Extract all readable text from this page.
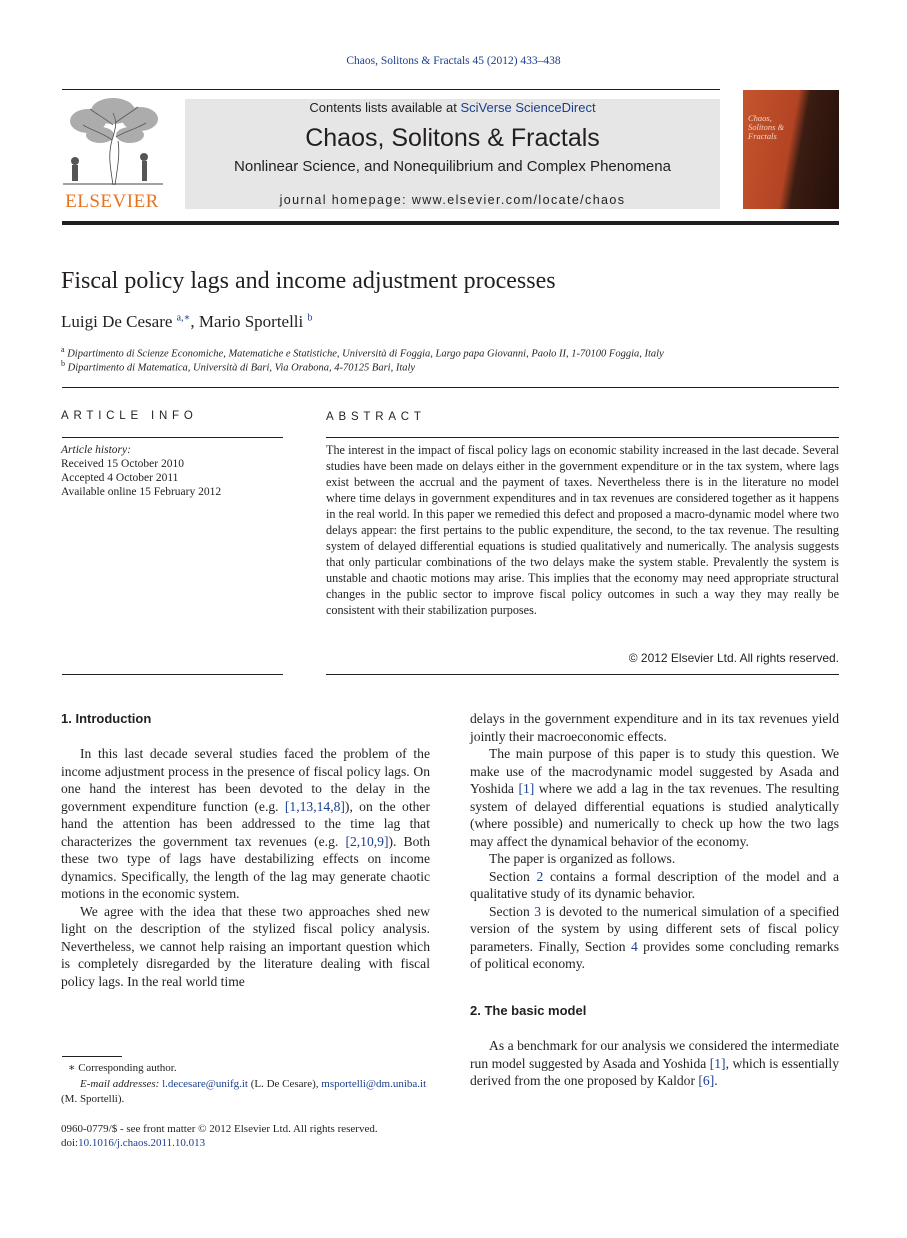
Chaos, Solitons & Fractals 45 (2012) 433–438
ELSEVIER
Contents lists available at SciVerse ScienceDirect
Chaos, Solitons & Fractals
Nonlinear Science, and Nonequilibrium and Complex Phenomena
journal homepage: www.elsevier.com/locate/chaos
Chaos, Solitons & Fractals
Fiscal policy lags and income adjustment processes
Luigi De Cesare $^{a,∗}$, Mario Sportelli $^b$
$^a$ Dipartimento di Scienze Economiche, Matematiche e Statistiche, Università di Foggia, Largo papa Giovanni, Paolo II, 1-70100 Foggia, Italy
$^b$ Dipartimento di Matematica, Università di Bari, Via Orabona, 4-70125 Bari, Italy
ARTICLE INFO
Article history:
Received 15 October 2010
Accepted 4 October 2011
Available online 15 February 2012
ABSTRACT
The interest in the impact of fiscal policy lags on economic stability increased in the last decade. Several studies have been made on delays either in the government expenditure or in the tax system, where lags exist between the accrual and the payment of taxes. Nevertheless there is in the literature no model where time delays in government expenditures and in tax revenues are considered together as it happens in the real world. In this paper we remedied this defect and proposed a macro-dynamic model where two delays appear: the first pertains to the public expenditure, the second, to the tax revenue. The resulting system of delayed differential equations is studied qualitatively and numerically. The analysis suggests that only particular combinations of the two delays make the system stable. Prevalently the system is unstable and chaotic motions may arise. This implies that the economy may need appropriate structural changes in the public sector to improve fiscal policy outcomes in such a way they may really be consistent with their stabilization purposes.
© 2012 Elsevier Ltd. All rights reserved.
1. Introduction

In this last decade several studies faced the problem of the income adjustment process in the presence of fiscal policy lags. On one hand the interest has been devoted to the delay in the government expenditure function (e.g. [1,13,14,8]), on the other hand the attention has been addressed to the time lag that characterizes the government tax revenues (e.g. [2,10,9]). Both these two type of lags have destabilizing effects on income dynamics. Specifically, the length of the lag may generate chaotic motions in the economic system.

We agree with the idea that these two approaches shed new light on the description of the stylized fiscal policy analysis. Nevertheless, we cannot help raising an important question which is completely disregarded by the literature dealing with fiscal policy lags. In the real world time

delays in the government expenditure and in its tax revenues yield jointly their macroeconomic effects.

The main purpose of this paper is to study this question. We make use of the macrodynamic model suggested by Asada and Yoshida [1] where we add a lag in the tax revenues. The resulting system of delayed differential equations is studied analytically (where possible) and numerically to check up how the two lags may affect the dynamical behavior of the economy.

The paper is organized as follows.

Section 2 contains a formal description of the model and a qualitative study of its dynamic behavior.

Section 3 is devoted to the numerical simulation of a specified version of the system by using different sets of fiscal policy parameters. Finally, Section 4 provides some concluding remarks of political economy.

2. The basic model

As a benchmark for our analysis we considered the intermediate run model suggested by Asada and Yoshida [1], which is essentially derived from the one proposed by Kaldor [6].

∗ Corresponding author.
E-mail addresses: l.decesare@unifg.it (L. De Cesare), msportelli@dm.uniba.it (M. Sportelli).
0960-0779/$ - see front matter © 2012 Elsevier Ltd. All rights reserved.
doi:10.1016/j.chaos.2011.10.013
